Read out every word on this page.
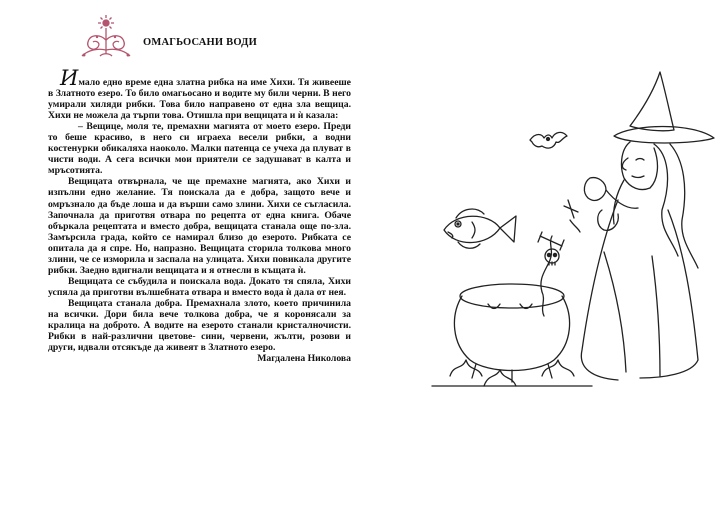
ОМАГЬОСАНИ ВОДИ

Имало едно време една златна рибка на име Хихи. Тя живееше в Златното езеро. То било омагьосано и водите му били черни. В него умирали хиляди рибки. Това било направено от една зла вещица. Хихи не можела да търпи това. Отишла при вещицата и ѝ казала:

– Вещице, моля те, премахни магията от моето езеро. Преди то беше красиво, в него си играеха весели рибки, а водни костенурки обикаляха наоколо. Малки патенца се учеха да плуват в чисти води. А сега всички мои приятели се задушават в калта и мръсотията.

Вещицата отвърнала, че ще премахне магията, ако Хихи и изпълни едно желание. Тя поискала да е добра, защото вече и омръзнало да бъде лоша и да върши само злини. Хихи се съгласила. Започнала да приготвя отвара по рецепта от една книга. Обаче объркала рецептата и вместо добра, вещицата станала още по-зла. Замърсила града, който се намирал близо до езерото. Рибката се опитала да я спре. Но, напразно. Вещицата сторила толкова много злини, че се изморила и заспала на улицата. Хихи повикала другите рибки. Заедно вдигнали вещицата и я отнесли в къщата ѝ.

Вещицата се събудила и поискала вода. Докато тя спяла, Хихи успяла да приготви вълшебната отвара и вместо вода ѝ дала от нея.

Вещицата станала добра. Премахнала злото, което причинила на всички. Дори била вече толкова добра, че я коронясали за кралица на доброто. А водите на езерото станали кристалночисти. Рибки в най-различни цветове- сини, червени, жълти, розови и други, идвали отсякъде да живеят в Златното езеро.

Магдалена Николова
